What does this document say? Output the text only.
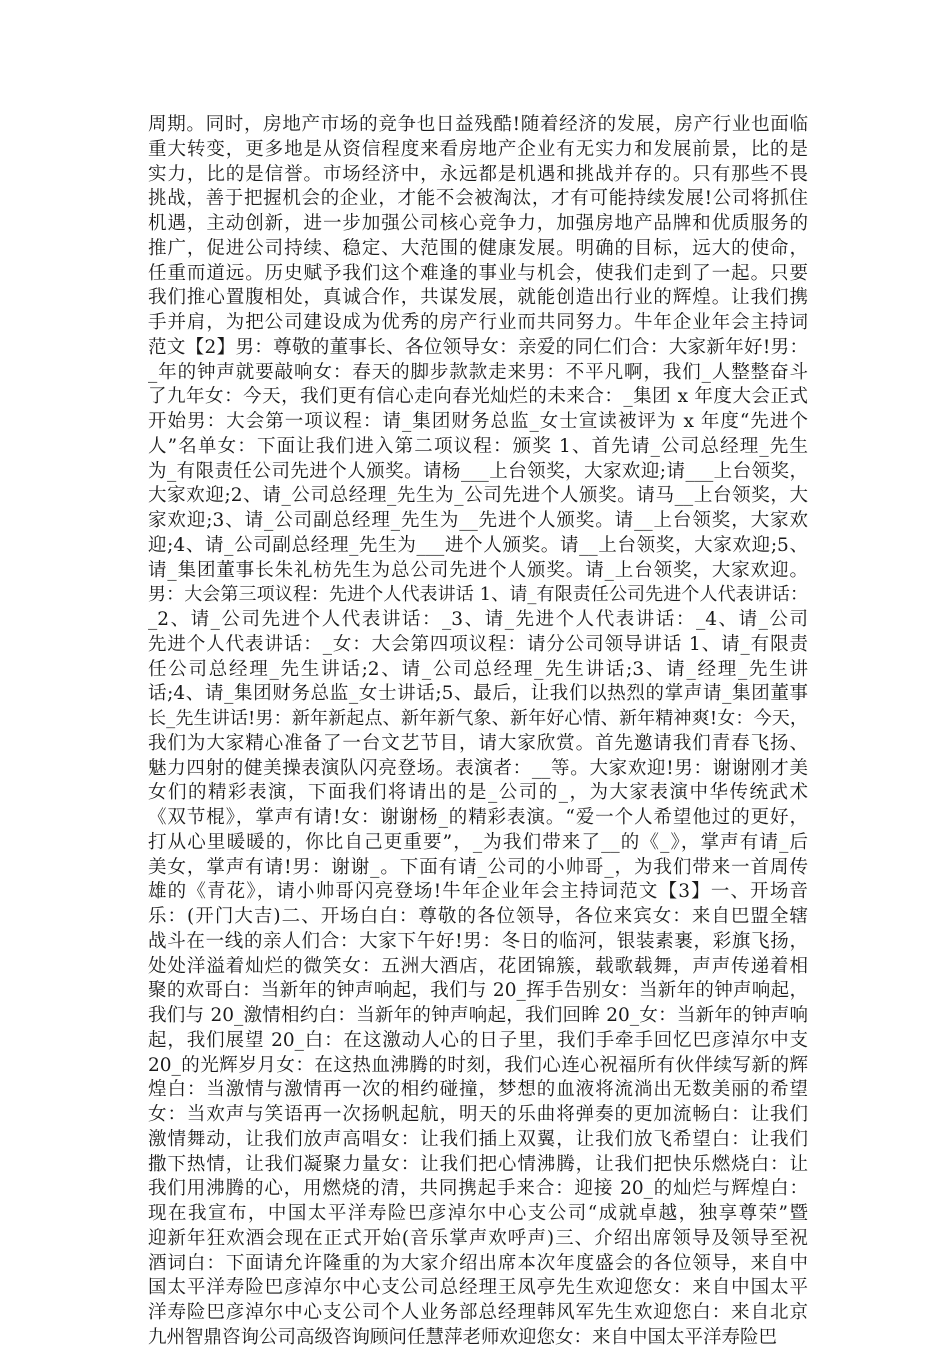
周期。同时，房地产市场的竞争也日益残酷!随着经济的发展，房产行业也面临
重大转变，更多地是从资信程度来看房地产企业有无实力和发展前景，比的是
实力，比的是信誉。市场经济中，永远都是机遇和挑战并存的。只有那些不畏
挑战，善于把握机会的企业，才能不会被淘汰，才有可能持续发展!公司将抓住
机遇，主动创新，进一步加强公司核心竞争力，加强房地产品牌和优质服务的
推广，促进公司持续、稳定、大范围的健康发展。明确的目标，远大的使命，
任重而道远。历史赋予我们这个难逢的事业与机会，使我们走到了一起。只要
我们推心置腹相处，真诚合作，共谋发展，就能创造出行业的辉煌。让我们携
手并肩，为把公司建设成为优秀的房产行业而共同努力。牛年企业年会主持词
范文【2】男：尊敬的董事长、各位领导女：亲爱的同仁们合：大家新年好!男：
_年的钟声就要敲响女：春天的脚步款款走来男：不平凡啊，我们_人整整奋斗
了九年女：今天，我们更有信心走向春光灿烂的未来合：_集团 x 年度大会正式
开始男：大会第一项议程：请_集团财务总监_女士宣读被评为 x 年度“先进个
人”名单女：下面让我们进入第二项议程：颁奖 1、首先请_公司总经理_先生
为_有限责任公司先进个人颁奖。请杨___上台领奖，大家欢迎;请___上台领奖，
大家欢迎;2、请_公司总经理_先生为_公司先进个人颁奖。请马__上台领奖，大
家欢迎;3、请_公司副总经理_先生为__先进个人颁奖。请__上台领奖，大家欢
迎;4、请_公司副总经理_先生为___进个人颁奖。请__上台领奖，大家欢迎;5、
请_集团董事长朱礼枋先生为总公司先进个人颁奖。请_上台领奖，大家欢迎。
男：大会第三项议程：先进个人代表讲话 1、请_有限责任公司先进个人代表讲话：
_2、请_公司先进个人代表讲话：_3、请_先进个人代表讲话：_4、请_公司
先进个人代表讲话：_女：大会第四项议程：请分公司领导讲话 1、请_有限责
任公司总经理_先生讲话;2、请_公司总经理_先生讲话;3、请_经理_先生讲
话;4、请_集团财务总监_女士讲话;5、最后，让我们以热烈的掌声请_集团董事
长_先生讲话!男：新年新起点、新年新气象、新年好心情、新年精神爽!女：今天，
我们为大家精心准备了一台文艺节目，请大家欣赏。首先邀请我们青春飞扬、
魅力四射的健美操表演队闪亮登场。表演者：__等。大家欢迎!男：谢谢刚才美
女们的精彩表演，下面我们将请出的是_公司的_，为大家表演中华传统武术
《双节棍》，掌声有请!女：谢谢杨_的精彩表演。“爱一个人希望他过的更好，
打从心里暖暖的，你比自己更重要”，_为我们带来了__的《_》，掌声有请_后
美女，掌声有请!男：谢谢_。下面有请_公司的小帅哥_，为我们带来一首周传
雄的《青花》，请小帅哥闪亮登场!牛年企业年会主持词范文【3】一、开场音
乐：(开门大吉)二、开场白白：尊敬的各位领导，各位来宾女：来自巴盟全辖
战斗在一线的亲人们合：大家下午好!男：冬日的临河，银装素裹，彩旗飞扬，
处处洋溢着灿烂的微笑女：五洲大酒店，花团锦簇，载歌载舞，声声传递着相
聚的欢哥白：当新年的钟声响起，我们与 20_挥手告别女：当新年的钟声响起，
我们与 20_激情相约白：当新年的钟声响起，我们回眸 20_女：当新年的钟声响
起，我们展望 20_白：在这激动人心的日子里，我们手牵手回忆巴彦淖尔中支
20_的光辉岁月女：在这热血沸腾的时刻，我们心连心祝福所有伙伴续写新的辉
煌白：当激情与激情再一次的相约碰撞，梦想的血液将流淌出无数美丽的希望
女：当欢声与笑语再一次扬帆起航，明天的乐曲将弹奏的更加流畅白：让我们
激情舞动，让我们放声高唱女：让我们插上双翼，让我们放飞希望白：让我们
撒下热情，让我们凝聚力量女：让我们把心情沸腾，让我们把快乐燃烧白：让
我们用沸腾的心，用燃烧的清，共同携起手来合：迎接 20_的灿烂与辉煌白：
现在我宣布，中国太平洋寿险巴彦淖尔中心支公司“成就卓越，独享尊荣”暨
迎新年狂欢酒会现在正式开始(音乐掌声欢呼声)三、介绍出席领导及领导至祝
酒词白：下面请允许隆重的为大家介绍出席本次年度盛会的各位领导，来自中
国太平洋寿险巴彦淖尔中心支公司总经理王凤亭先生欢迎您女：来自中国太平
洋寿险巴彦淖尔中心支公司个人业务部总经理韩风军先生欢迎您白：来自北京
九州智鼎咨询公司高级咨询顾问任慧萍老师欢迎您女：来自中国太平洋寿险巴
